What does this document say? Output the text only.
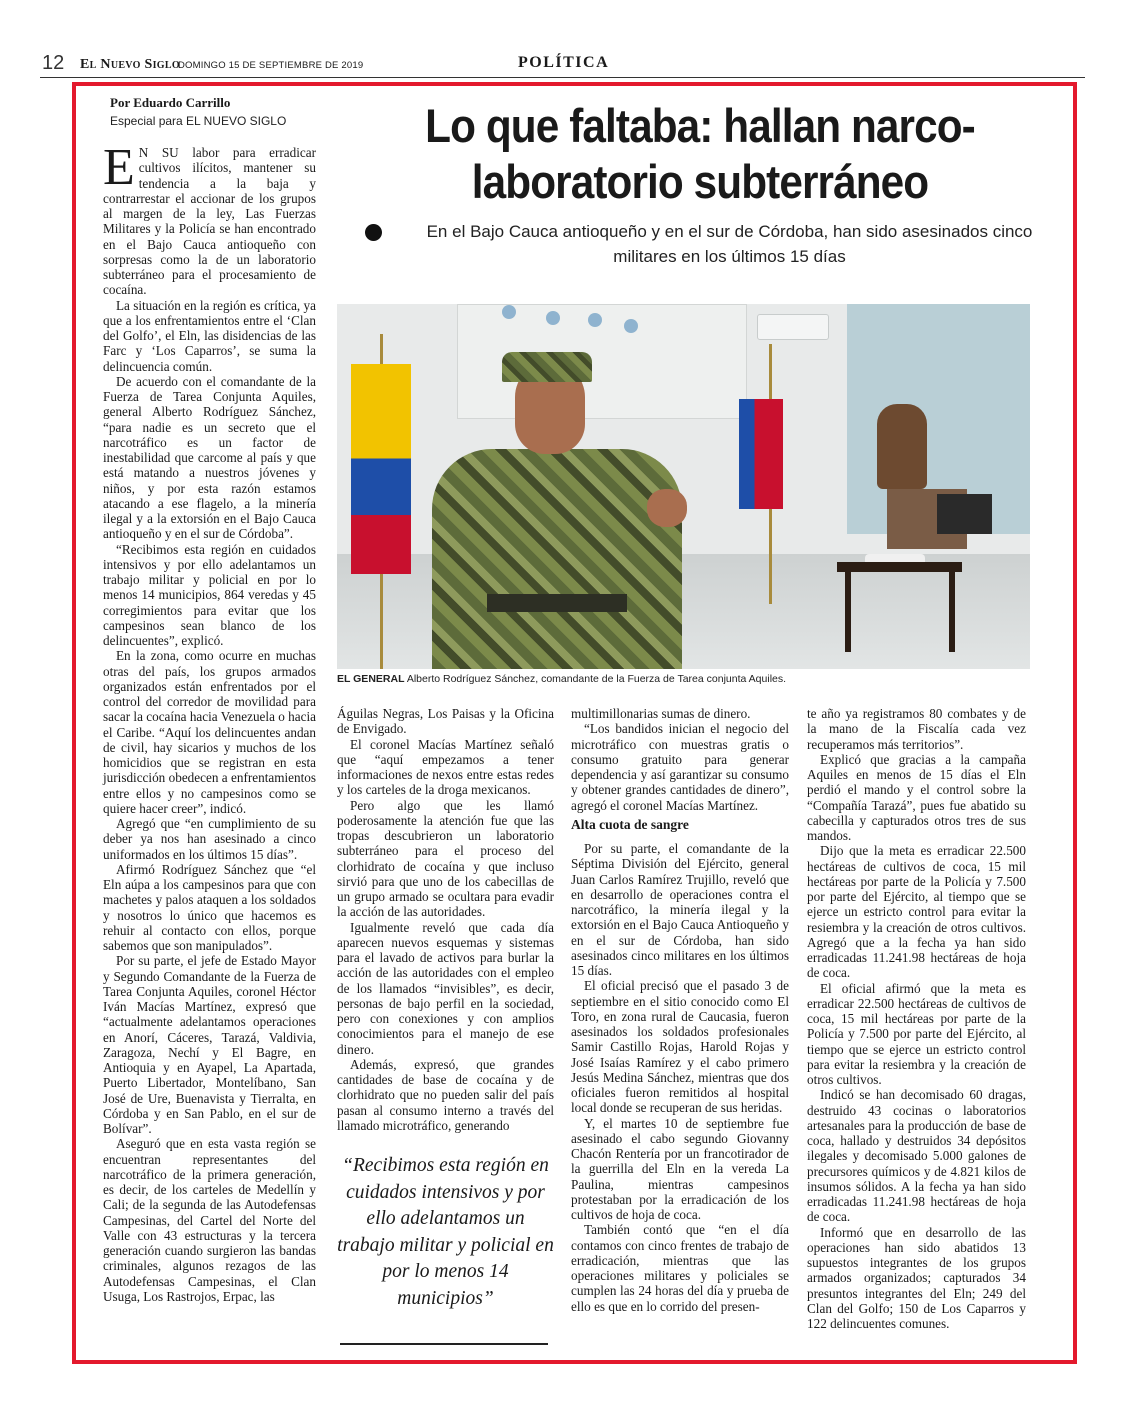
12 El Nuevo Siglo
DOMINGO 15 DE SEPTIEMBRE DE 2019	POLÍTICA
Por Eduardo Carrillo
Especial para EL NUEVO SIGLO	Lo que faltaba: hallan narco-laboratorio subterráneo
En el Bajo Cauca antioqueño y en el sur de Córdoba, han sido asesinados cinco militares en los últimos 15 días
EL GENERAL Alberto Rodríguez Sánchez, comandante de la Fuerza de Tarea conjunta Aquiles.

E N SU labor para erradicar cultivos ilícitos, mantener su tendencia a la baja y contrarrestar el accionar de los grupos al margen de la ley, Las Fuerzas Militares y la Policía se han encontrado en el Bajo Cauca antioqueño con sorpresas como la de un laboratorio subterráneo para el procesamiento de cocaína.

La situación en la región es crítica, ya que a los enfrentamientos entre el ‘Clan del Golfo’, el Eln, las disidencias de las Farc y ‘Los Caparros’, se suma la delincuencia común.

De acuerdo con el comandante de la Fuerza de Tarea Conjunta Aquiles, general Alberto Rodríguez Sánchez, “para nadie es un secreto que el narcotráfico es un factor de inestabilidad que carcome al país y que está matando a nuestros jóvenes y niños, y por esta razón estamos atacando a ese flagelo, a la minería ilegal y a la extorsión en el Bajo Cauca antioqueño y en el sur de Córdoba”.

“Recibimos esta región en cuidados intensivos y por ello adelantamos un trabajo militar y policial en por lo menos 14 municipios, 864 veredas y 45 corregimientos para evitar que los campesinos sean blanco de los delincuentes”, explicó.

En la zona, como ocurre en muchas otras del país, los grupos armados organizados están enfrentados por el control del corredor de movilidad para sacar la cocaína hacia Venezuela o hacia el Caribe. “Aquí los delincuentes andan de civil, hay sicarios y muchos de los homicidios que se registran en esta jurisdicción obedecen a enfrentamientos entre ellos y no campesinos como se quiere hacer creer”, indicó.

Agregó que “en cumplimiento de su deber ya nos han asesinado a cinco uniformados en los últimos 15 días”.

Afirmó Rodríguez Sánchez que “el Eln aúpa a los campesinos para que con machetes y palos ataquen a los soldados y nosotros lo único que hacemos es rehuir al contacto con ellos, porque sabemos que son manipulados”.

Por su parte, el jefe de Estado Mayor y Segundo Comandante de la Fuerza de Tarea Conjunta Aquiles, coronel Héctor Iván Macías Martínez, expresó que “actualmente adelantamos operaciones en Anorí, Cáceres, Tarazá, Valdivia, Zaragoza, Nechí y El Bagre, en Antioquia y en Ayapel, La Apartada, Puerto Libertador, Montelíbano, San José de Ure, Buenavista y Tierralta, en Córdoba y en San Pablo, en el sur de Bolívar”.

Aseguró que en esta vasta región se encuentran representantes del narcotráfico de la primera generación, es decir, de los carteles de Medellín y Cali; de la segunda de las Autodefensas Campesinas, del Cartel del Norte del Valle con 43 estructuras y la tercera generación cuando surgieron las bandas criminales, algunos rezagos de las Autodefensas Campesinas, el Clan Usuga, Los Rastrojos, Erpac, las

Águilas Negras, Los Paisas y la Oficina de Envigado.

El coronel Macías Martínez señaló que “aquí empezamos a tener informaciones de nexos entre estas redes y los carteles de la droga mexicanos.

Pero algo que les llamó poderosamente la atención fue que las tropas descubrieron un laboratorio subterráneo para el proceso del clorhidrato de cocaína y que incluso sirvió para que uno de los cabecillas de un grupo armado se ocultara para evadir la acción de las autoridades.

Igualmente reveló que cada día aparecen nuevos esquemas y sistemas para el lavado de activos para burlar la acción de las autoridades con el empleo de los llamados “invisibles”, es decir, personas de bajo perfil en la sociedad, pero con conexiones y con amplios conocimientos para el manejo de ese dinero.

Además, expresó, que grandes cantidades de base de cocaína y de clorhidrato que no pueden salir del país pasan al consumo interno a través del llamado microtráfico, generando

“Recibimos esta región en cuidados intensivos y por ello adelantamos un trabajo militar y policial en por lo menos 14 municipios”

multimillonarias sumas de dinero.

“Los bandidos inician el negocio del microtráfico con muestras gratis o consumo gratuito para generar dependencia y así garantizar su consumo y obtener grandes cantidades de dinero”, agregó el coronel Macías Martínez.

Alta cuota de sangre

Por su parte, el comandante de la Séptima División del Ejército, general Juan Carlos Ramírez Trujillo, reveló que en desarrollo de operaciones contra el narcotráfico, la minería ilegal y la extorsión en el Bajo Cauca Antioqueño y en el sur de Córdoba, han sido asesinados cinco militares en los últimos 15 días.

El oficial precisó que el pasado 3 de septiembre en el sitio conocido como El Toro, en zona rural de Caucasia, fueron asesinados los soldados profesionales Samir Castillo Rojas, Harold Rojas y José Isaías Ramírez y el cabo primero Jesús Medina Sánchez, mientras que dos oficiales fueron remitidos al hospital local donde se recuperan de sus heridas.

Y, el martes 10 de septiembre fue asesinado el cabo segundo Giovanny Chacón Rentería por un francotirador de la guerrilla del Eln en la vereda La Paulina, mientras campesinos protestaban por la erradicación de los cultivos de hoja de coca.

También contó que “en el día contamos con cinco frentes de trabajo de erradicación, mientras que las operaciones militares y policiales se cumplen las 24 horas del día y prueba de ello es que en lo corrido del presen-

te año ya registramos 80 combates y de la mano de la Fiscalía cada vez recuperamos más territorios”.

Explicó que gracias a la campaña Aquiles en menos de 15 días el Eln perdió el mando y el control sobre la “Compañía Tarazá”, pues fue abatido su cabecilla y capturados otros tres de sus mandos.

Dijo que la meta es erradicar 22.500 hectáreas de cultivos de coca, 15 mil hectáreas por parte de la Policía y 7.500 por parte del Ejército, al tiempo que se ejerce un estricto control para evitar la resiembra y la creación de otros cultivos. Agregó que a la fecha ya han sido erradicadas 11.241.98 hectáreas de hoja de coca.

El oficial afirmó que la meta es erradicar 22.500 hectáreas de cultivos de coca, 15 mil hectáreas por parte de la Policía y 7.500 por parte del Ejército, al tiempo que se ejerce un estricto control para evitar la resiembra y la creación de otros cultivos.

Indicó se han decomisado 60 dragas, destruido 43 cocinas o laboratorios artesanales para la producción de base de coca, hallado y destruidos 34 depósitos ilegales y decomisado 5.000 galones de precursores químicos y de 4.821 kilos de insumos sólidos. A la fecha ya han sido erradicadas 11.241.98 hectáreas de hoja de coca.

Informó que en desarrollo de las operaciones han sido abatidos 13 supuestos integrantes de los grupos armados organizados; capturados 34 presuntos integrantes del Eln; 249 del Clan del Golfo; 150 de Los Caparros y 122 delincuentes comunes.
